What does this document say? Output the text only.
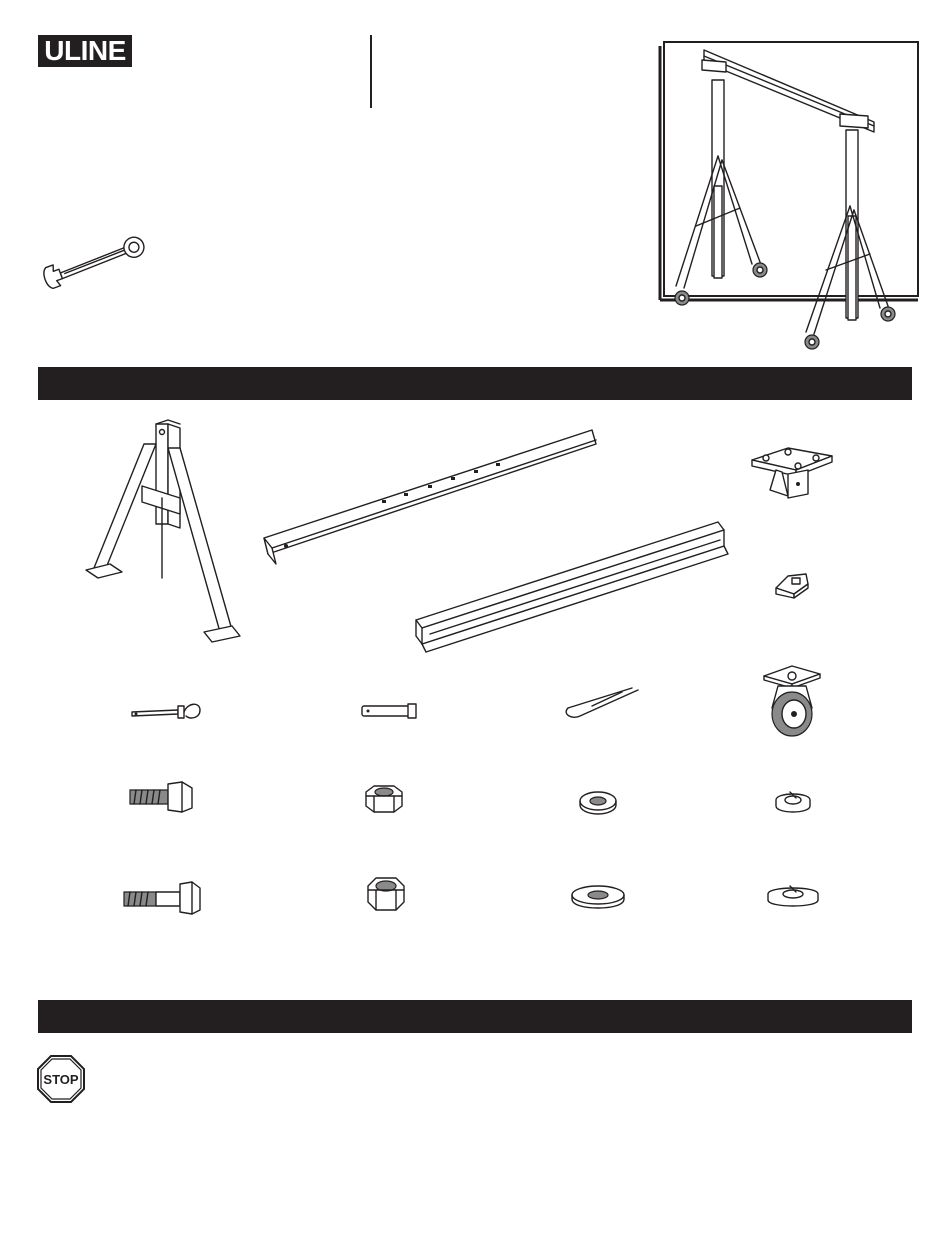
ULINE
STOP
